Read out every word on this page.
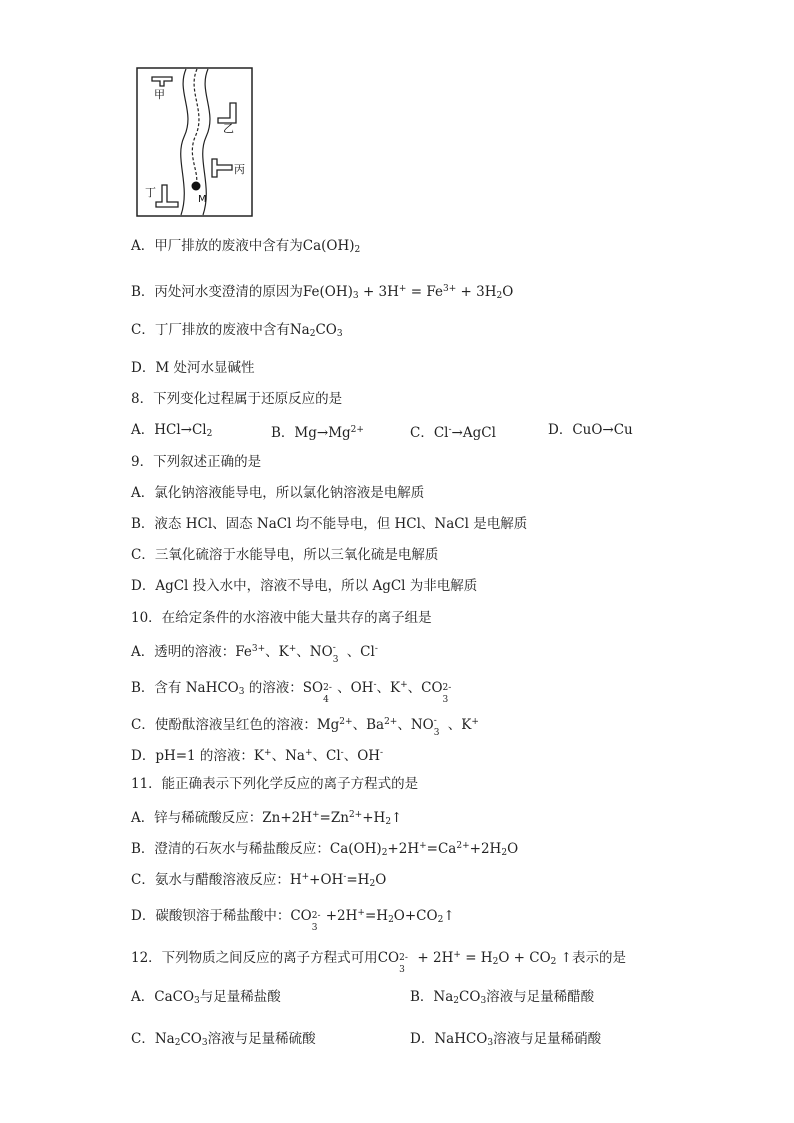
甲
乙
丙
丁
M
A．甲厂排放的废液中含有为$Ca(OH)_2$
B．丙处河水变澄清的原因为$Fe(OH)_3 + 3H^+ = Fe^{3+} + 3H_2O$
C．丁厂排放的废液中含有$Na_2CO_3$
D．M 处河水显碱性
8．下列变化过程属于还原反应的是
A．$HCl\to Cl_2$	B．$Mg\to Mg^{2+}$	C．Cl-→AgCl	D．CuO→Cu
9．下列叙述正确的是
A．氯化钠溶液能导电，所以氯化钠溶液是电解质
B．液态 HCl、固态 NaCl 均不能导电，但 HCl、NaCl 是电解质
C．三氧化硫溶于水能导电，所以三氧化硫是电解质
D．AgCl 投入水中，溶液不导电，所以 AgCl 为非电解质
10．在给定条件的水溶液中能大量共存的离子组是
A．透明的溶液：$Fe^{3+}$、K+、NO -
3 、Cl-
B．含有 NaHCO$_3$ 的溶液：SO 2-
4
、OH-、K+、CO 2-
3
C．使酚酞溶液呈红色的溶液：$Mg^{2+}$、$Ba^{2+}$、NO -
3 、K+
D．pH=1 的溶液：K+、Na+、Cl-、OH-
11．能正确表示下列化学反应的离子方程式的是
A．锌与稀硫酸反应：$Zn+2H^+=Zn^{2+}+H_2↑$
B．澄清的石灰水与稀盐酸反应：$Ca(OH)_2+2H^+=Ca^{2+}+2H_2O$
C．氨水与醋酸溶液反应：$H^++OH^-=H_2O$
D．碳酸钡溶于稀盐酸中：CO 2-
3
$+2H^+=H_2O+CO_2↑$
12．下列物质之间反应的离子方程式可用CO 2-
3
+ $2H^+ = H_2O + CO_2$ ↑表示的是
A．CaCO$_3$与足量稀盐酸	B．$Na_2CO_3$溶液与足量稀醋酸
C．$Na_2CO_3$溶液与足量稀硫酸	D．NaHCO$_3$溶液与足量稀硝酸
